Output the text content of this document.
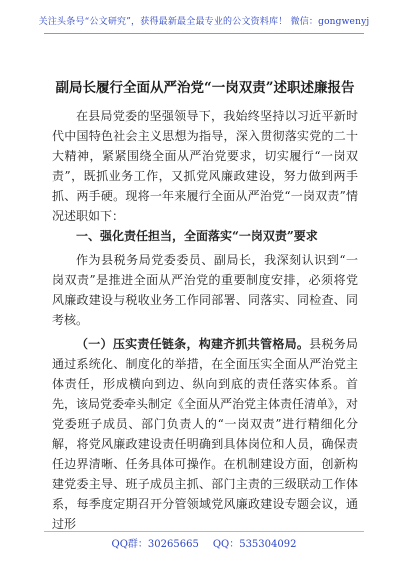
关注头条号“公文研究”，获得最新最全最专业的公文资料库！ 微信：gongwenyj
副局长履行全面从严治党“一岗双责”述职述廉报告

在县局党委的坚强领导下，我始终坚持以习近平新时代中国特色社会主义思想为指导，深入贯彻落实党的二十大精神，紧紧围绕全面从严治党要求，切实履行“一岗双责”，既抓业务工作，又抓党风廉政建设，努力做到两手抓、两手硬。现将一年来履行全面从严治党“一岗双责”情况述职如下：

一、强化责任担当，全面落实“一岗双责”要求

作为县税务局党委委员、副局长，我深刻认识到“一岗双责”是推进全面从严治党的重要制度安排，必须将党风廉政建设与税收业务工作同部署、同落实、同检查、同考核。

（一）压实责任链条，构建齐抓共管格局。县税务局通过系统化、制度化的举措，在全面压实全面从严治党主体责任，形成横向到边、纵向到底的责任落实体系。首先，该局党委牵头制定《全面从严治党主体责任清单》，对党委班子成员、部门负责人的“一岗双责”进行精细化分解，将党风廉政建设责任明确到具体岗位和人员，确保责任边界清晰、任务具体可操作。在机制建设方面，创新构建党委主导、班子成员主抓、部门主责的三级联动工作体系，每季度定期召开分管领域党风廉政建设专题会议，通过形

QQ群：30265665 QQ：535304092
